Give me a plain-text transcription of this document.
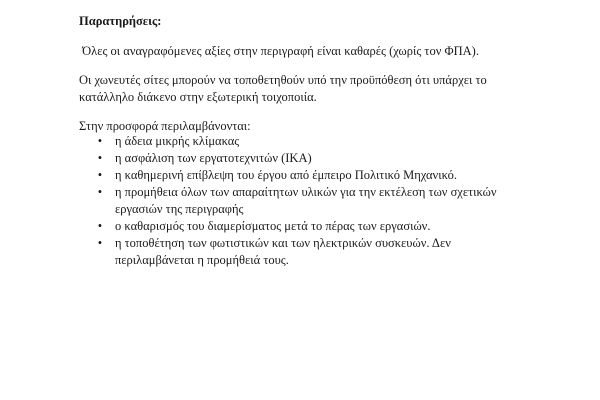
Παρατηρήσεις:
Όλες οι αναγραφόμενες αξίες στην περιγραφή είναι καθαρές (χωρίς τον ΦΠΑ).
Οι χωνευτές σίτες μπορούν να τοποθετηθούν υπό την προϋπόθεση ότι υπάρχει το κατάλληλο διάκενο στην εξωτερική τοιχοποιία.
Στην προσφορά περιλαμβάνονται:
• η άδεια μικρής κλίμακας
• η ασφάλιση των εργατοτεχνιτών (ΙΚΑ)
• η καθημερινή επίβλεψη του έργου από έμπειρο Πολιτικό Μηχανικό.
• η προμήθεια όλων των απαραίτητων υλικών για την εκτέλεση των σχετικών εργασιών της περιγραφής
• ο καθαρισμός του διαμερίσματος μετά το πέρας των εργασιών.
• η τοποθέτηση των φωτιστικών και των ηλεκτρικών συσκευών. Δεν περιλαμβάνεται η προμήθειά τους.
